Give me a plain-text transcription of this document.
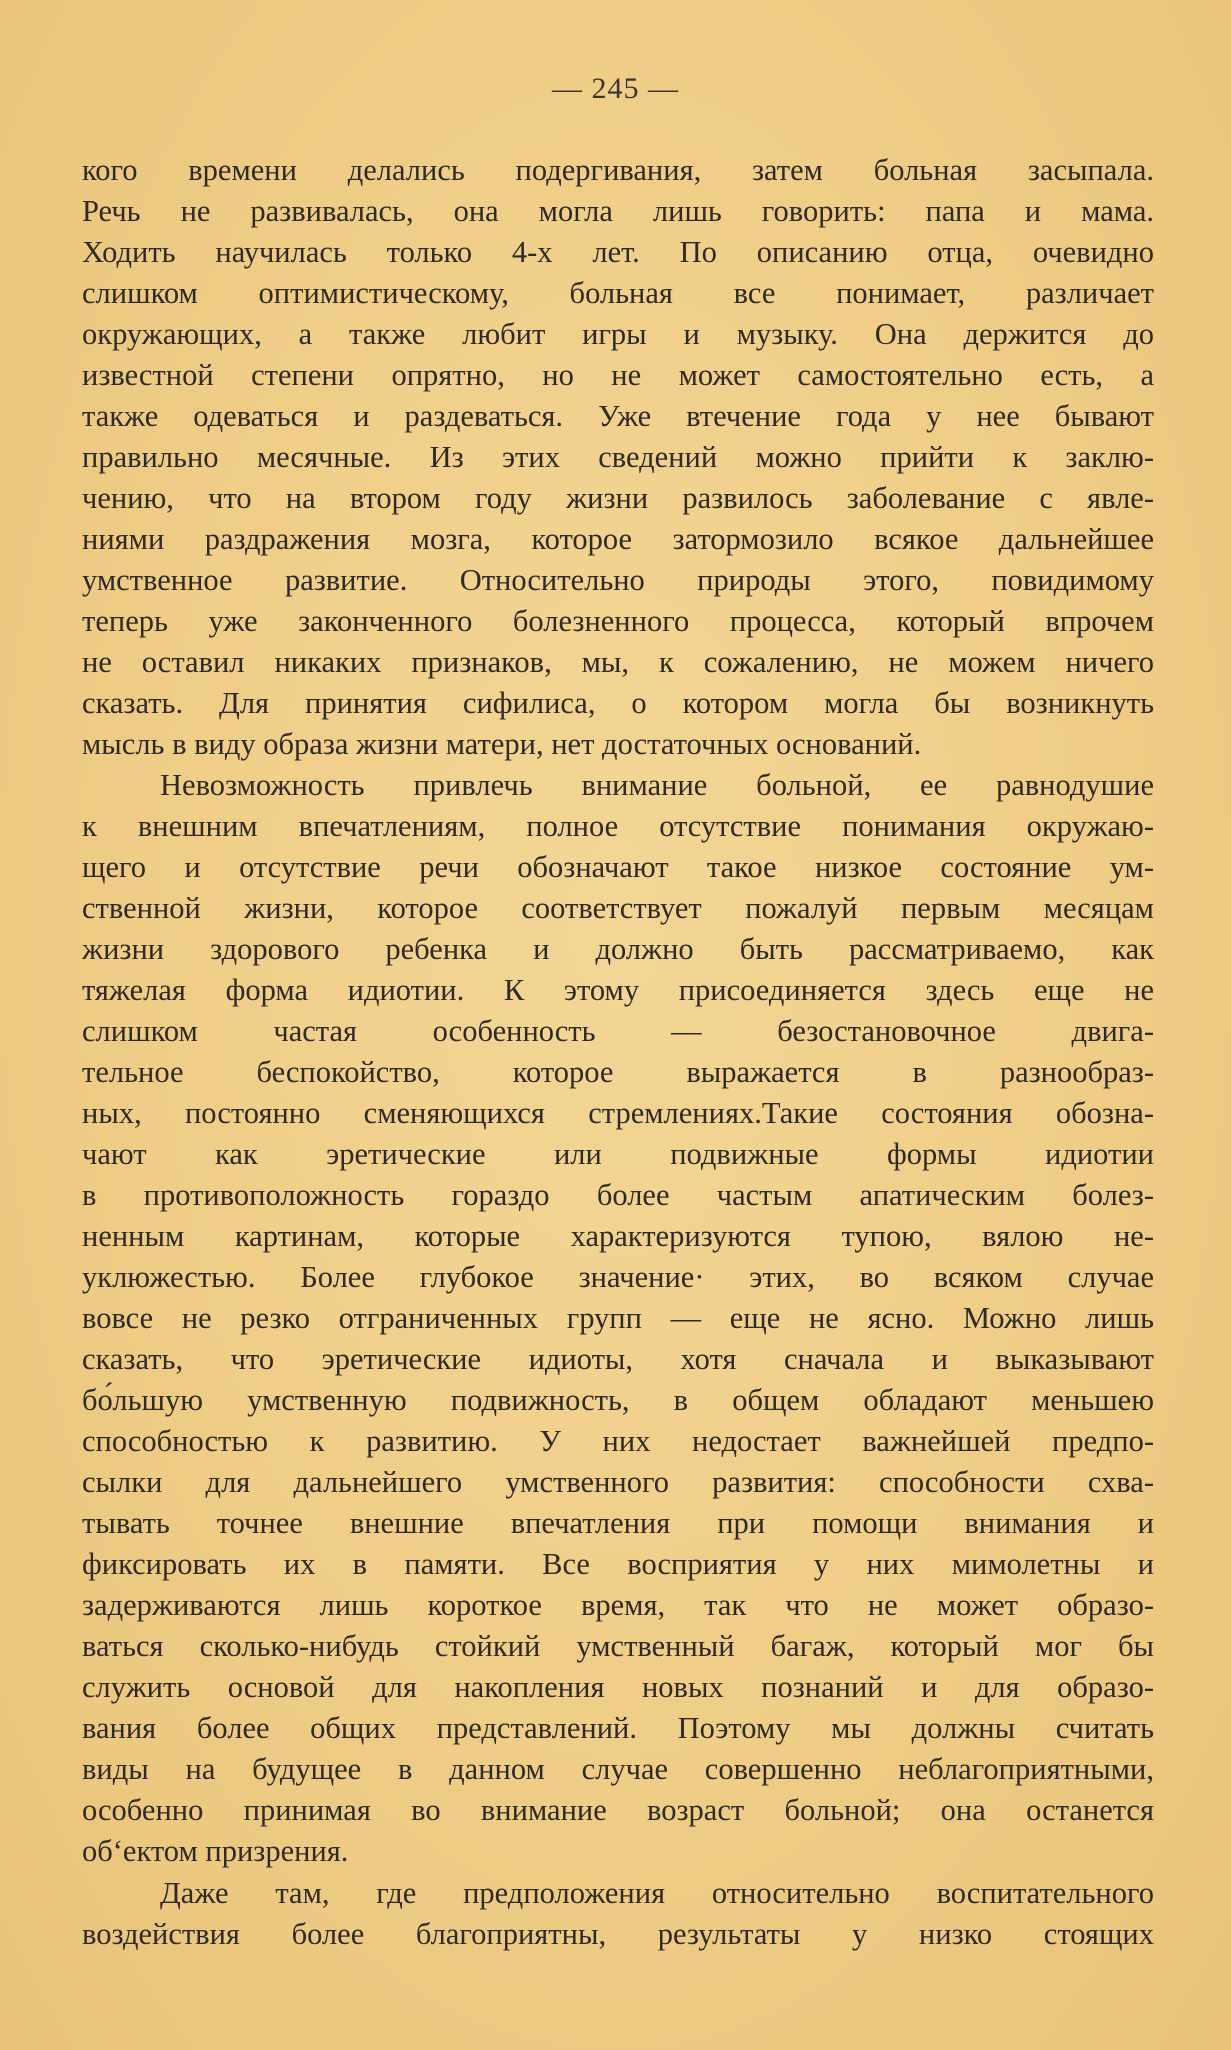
— 245 —
кого времени делались подергивания, затем больная засыпала.
Речь не развивалась, она могла лишь говорить: папа и мама.
Ходить научилась только 4-х лет. По описанию отца, очевидно
слишком оптимистическому, больная все понимает, различает
окружающих, а также любит игры и музыку. Она держится до
известной степени опрятно, но не может самостоятельно есть, а
также одеваться и раздеваться. Уже втечение года у нее бывают
правильно месячные. Из этих сведений можно прийти к заклю-
чению, что на втором году жизни развилось заболевание с явле-
ниями раздражения мозга, которое затормозило всякое дальнейшее
умственное развитие. Относительно природы этого, повидимому
теперь уже законченного болезненного процесса, который впрочем
не оставил никаких признаков, мы, к сожалению, не можем ничего
сказать. Для принятия сифилиса, о котором могла бы возникнуть
мысль в виду образа жизни матери, нет достаточных оснований.
Невозможность привлечь внимание больной, ее равнодушие
к внешним впечатлениям, полное отсутствие понимания окружаю-
щего и отсутствие речи обозначают такое низкое состояние ум-
ственной жизни, которое соответствует пожалуй первым месяцам
жизни здорового ребенка и должно быть рассматриваемо, как
тяжелая форма идиотии. К этому присоединяется здесь еще не
слишком частая особенность — безостановочное двига-
тельное беспокойство, которое выражается в разнообраз-
ных, постоянно сменяющихся стремлениях.Такие состояния обозна-
чают как эретические или подвижные формы идиотии
в противоположность гораздо более частым апатическим болез-
ненным картинам, которые характеризуются тупою, вялою не-
уклюжестью. Более глубокое значение· этих, во всяком случае
вовсе не резко отграниченных групп — еще не ясно. Можно лишь
сказать, что эретические идиоты, хотя сначала и выказывают
бо́льшую умственную подвижность, в общем обладают меньшею
способностью к развитию. У них недостает важнейшей предпо-
сылки для дальнейшего умственного развития: способности схва-
тывать точнее внешние впечатления при помощи внимания и
фиксировать их в памяти. Все восприятия у них мимолетны и
задерживаются лишь короткое время, так что не может образо-
ваться сколько-нибудь стойкий умственный багаж, который мог бы
служить основой для накопления новых познаний и для образо-
вания более общих представлений. Поэтому мы должны считать
виды на будущее в данном случае совершенно неблагоприятными,
особенно принимая во внимание возраст больной; она останется
об‘ектом призрения.
Даже там, где предположения относительно воспитательного
воздействия более благоприятны, результаты у низко стоящих
